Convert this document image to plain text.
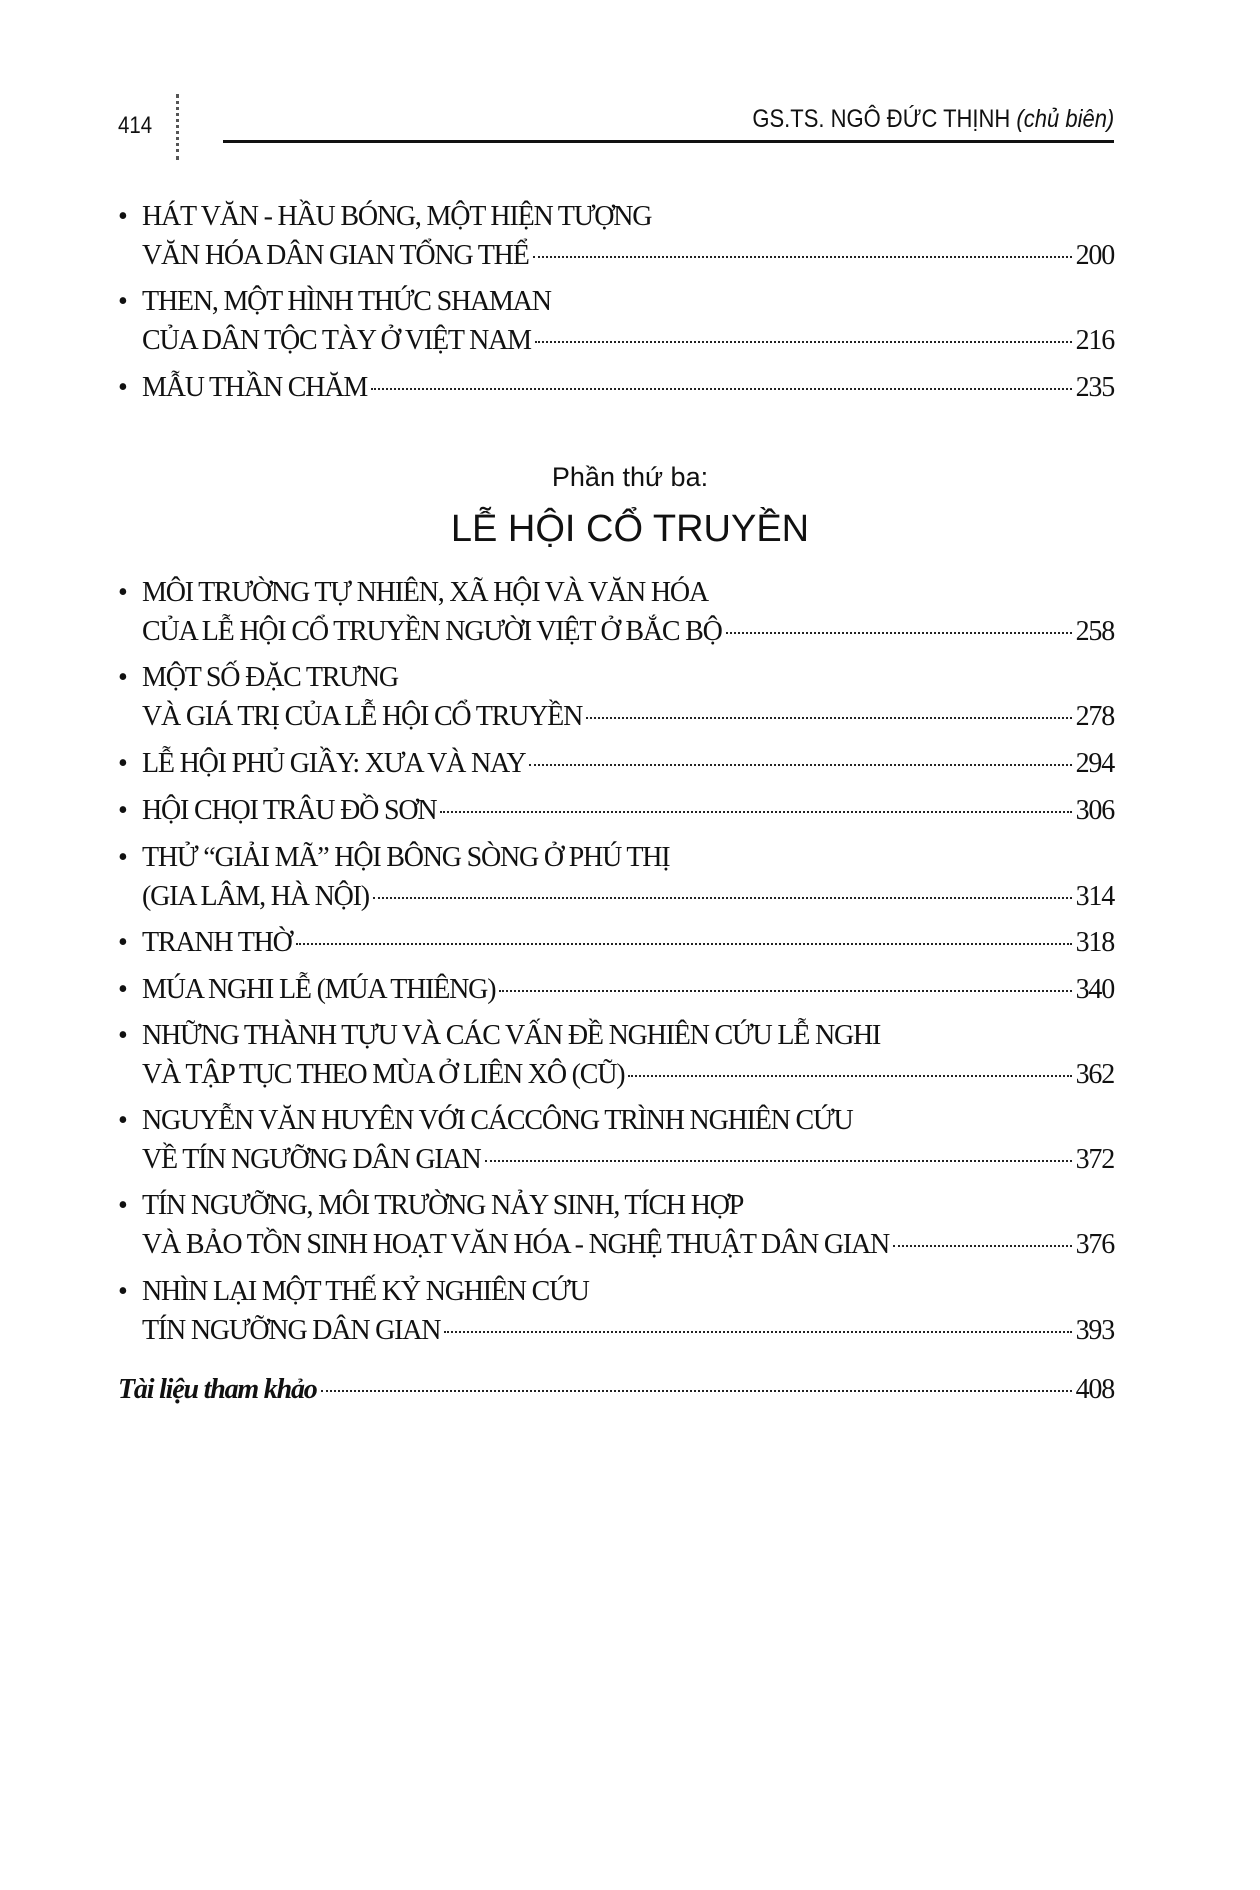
414	GS.TS. NGÔ ĐỨC THỊNH (chủ biên)
• HÁT VĂN - HẦU BÓNG, MỘT HIỆN TƯỢNG
VĂN HÓA DÂN GIAN TỔNG THỂ	200
• THEN, MỘT HÌNH THỨC SHAMAN
CỦA DÂN TỘC TÀY Ở VIỆT NAM	216
• MẪU THẦN CHĂM	235
• MÔI TRƯỜNG TỰ NHIÊN, XÃ HỘI VÀ VĂN HÓA
CỦA LỄ HỘI CỔ TRUYỀN NGƯỜI VIỆT Ở BẮC BỘ	258
• MỘT SỐ ĐẶC TRƯNG
VÀ GIÁ TRỊ CỦA LỄ HỘI CỔ TRUYỀN	278
• LỄ HỘI PHỦ GIẦY: XƯA VÀ NAY	294
• HỘI CHỌI TRÂU ĐỒ SƠN	306
• THỬ “GIẢI MÃ” HỘI BÔNG SÒNG Ở PHÚ THỊ
(GIA LÂM, HÀ NỘI)	314
• TRANH THỜ	318
• MÚA NGHI LỄ (MÚA THIÊNG)	340
• NHỮNG THÀNH TỰU VÀ CÁC VẤN ĐỀ NGHIÊN CỨU LỄ NGHI
VÀ TẬP TỤC THEO MÙA Ở LIÊN XÔ (CŨ)	362
• NGUYỄN VĂN HUYÊN VỚI CÁCCÔNG TRÌNH NGHIÊN CỨU
VỀ TÍN NGƯỠNG DÂN GIAN	372
• TÍN NGƯỠNG, MÔI TRƯỜNG NẢY SINH, TÍCH HỢP
VÀ BẢO TỒN SINH HOẠT VĂN HÓA - NGHỆ THUẬT DÂN GIAN	376
• NHÌN LẠI MỘT THẾ KỶ NGHIÊN CỨU
TÍN NGƯỠNG DÂN GIAN	393
Phần thứ ba:
LỄ HỘI CỔ TRUYỀN
Tài liệu tham khảo	408
